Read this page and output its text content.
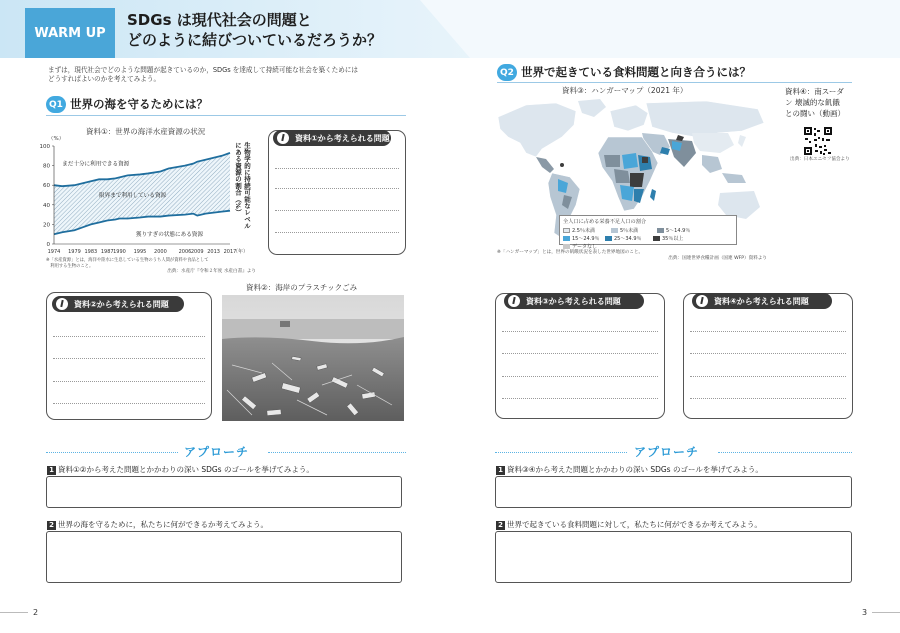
WARM UP
SDGs は現代社会の問題と
どのように結びついているだろうか？
まずは，現代社会でどのような問題が起きているのか，SDGs を達成して持続可能な社会を築くためには
どうすればよいのかを考えてみよう。
Q1 世界の海を守るためには？
資料①：世界の海洋水産資源の状況
0
20
40
60
80
100
（%）
1974 1979 1983 1987 1990 1995 2000 2006 2009 2013 2017
（年）
まだ十分に利用できる資源
限界まで利用している資源
獲りすぎの状態にある資源
生物学的に持続可能なレベルにある資源の割合（%）
※「水産資源」とは，海洋や陸水に生息している生物のうち人間が資料や食品として
　利用する生物のこと。
出典：水産庁『令和２年度 水産白書』より
資料①から考えられる問題
資料②から考えられる問題
資料②：海岸のプラスチックごみ
アプローチ
1 資料①②から考えた問題とかかわりの深い SDGs のゴールを挙げてみよう。
2 世界の海を守るために，私たちに何ができるか考えてみよう。
2
Q2 世界で起きている食料問題と向き合うには？
資料③：ハンガーマップ（2021 年）
全人口に占める栄養不足人口の割合
2.5％未満	5％未満	5～14.9％
15～24.9％	25～34.9％	35％以上
データなし
※「ハンガーマップ」とは，世界の飢餓状況を表した世界地図のこと。
出典：国連世界食糧計画（国連 WFP）資料より
資料④：南スーダ
ン 壊滅的な飢餓
との闘い（動画）
出典：日本ユニセフ協会より
資料③から考えられる問題	資料④から考えられる問題
アプローチ
1 資料③④から考えた問題とかかわりの深い SDGs のゴールを挙げてみよう。
2 世界で起きている食料問題に対して，私たちに何ができるか考えてみよう。
3
